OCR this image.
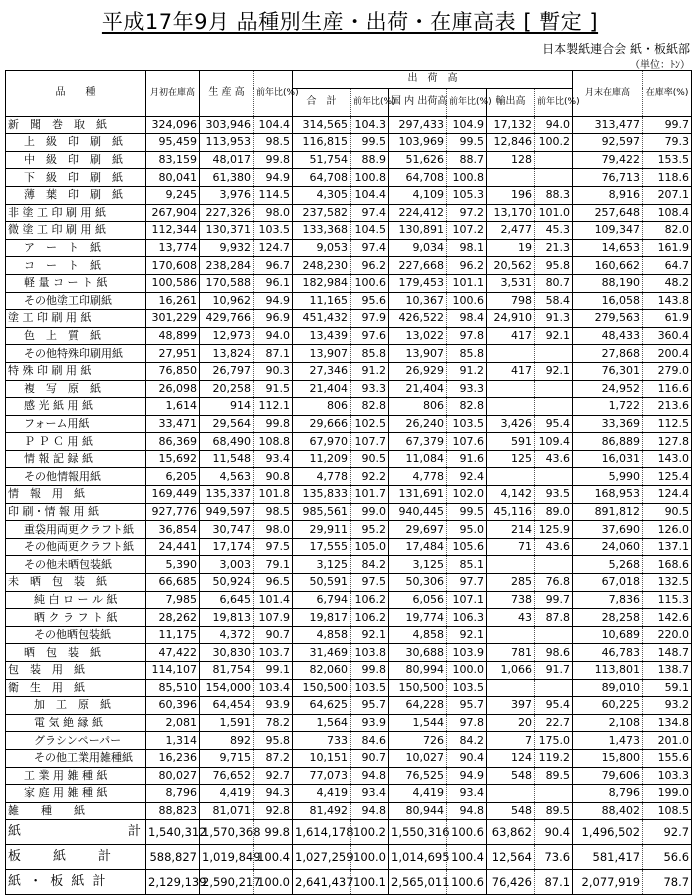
平成17年9月 品種別生産・出荷・在庫高表 [ 暫定 ]
日本製紙連合会 紙・板紙部
（単位：ﾄﾝ）
品　　種	月初在庫高	生 産 高	前年比(%)	出　荷　高						月末在庫高	在庫率(%)
				合　計	前年比(%)	国 内 出荷高	前年比(%)	輸出高	前年比(%)		
新　聞　巻　取　紙	324,096	303,946	104.4	314,565	104.3	297,433	104.9	17,132	94.0	313,477	99.7
上　級　印　刷　紙	95,459	113,953	98.5	116,815	99.5	103,969	99.5	12,846	100.2	92,597	79.3
中　級　印　刷　紙	83,159	48,017	99.8	51,754	88.9	51,626	88.7	128		79,422	153.5
下　級　印　刷　紙	80,041	61,380	94.9	64,708	100.8	64,708	100.8			76,713	118.6
薄　葉　印　刷　紙	9,245	3,976	114.5	4,305	104.4	4,109	105.3	196	88.3	8,916	207.1
非 塗 工 印 刷 用 紙	267,904	227,326	98.0	237,582	97.4	224,412	97.2	13,170	101.0	257,648	108.4
微 塗 工 印 刷 用 紙	112,344	130,371	103.5	133,368	104.5	130,891	107.2	2,477	45.3	109,347	82.0
ア　ー　ト　紙	13,774	9,932	124.7	9,053	97.4	9,034	98.1	19	21.3	14,653	161.9
コ　ー　ト　紙	170,608	238,284	96.7	248,230	96.2	227,668	96.2	20,562	95.8	160,662	64.7
軽 量 コ ー ト 紙	100,586	170,588	96.1	182,984	100.6	179,453	101.1	3,531	80.7	88,190	48.2
その他塗工印刷紙	16,261	10,962	94.9	11,165	95.6	10,367	100.6	798	58.4	16,058	143.8
塗 工 印 刷 用 紙	301,229	429,766	96.9	451,432	97.9	426,522	98.4	24,910	91.3	279,563	61.9
色　上　質　紙	48,899	12,973	94.0	13,439	97.6	13,022	97.8	417	92.1	48,433	360.4
その他特殊印刷用紙	27,951	13,824	87.1	13,907	85.8	13,907	85.8			27,868	200.4
特 殊 印 刷 用 紙	76,850	26,797	90.3	27,346	91.2	26,929	91.2	417	92.1	76,301	279.0
複　写　原　紙	26,098	20,258	91.5	21,404	93.3	21,404	93.3			24,952	116.6
感 光 紙 用 紙	1,614	914	112.1	806	82.8	806	82.8			1,722	213.6
フォーム用紙	33,471	29,564	99.8	29,666	102.5	26,240	103.5	3,426	95.4	33,369	112.5
Ｐ Ｐ Ｃ 用 紙	86,369	68,490	108.8	67,970	107.7	67,379	107.6	591	109.4	86,889	127.8
情 報 記 録 紙	15,692	11,548	93.4	11,209	90.5	11,084	91.6	125	43.6	16,031	143.0
その他情報用紙	6,205	4,563	90.8	4,778	92.2	4,778	92.4			5,990	125.4
情　報　用　紙	169,449	135,337	101.8	135,833	101.7	131,691	102.0	4,142	93.5	168,953	124.4
印 刷・情 報 用 紙	927,776	949,597	98.5	985,561	99.0	940,445	99.5	45,116	89.0	891,812	90.5
重袋用両更クラフト紙	36,854	30,747	98.0	29,911	95.2	29,697	95.0	214	125.9	37,690	126.0
その他両更クラフト紙	24,441	17,174	97.5	17,555	105.0	17,484	105.6	71	43.6	24,060	137.1
その他未晒包装紙	5,390	3,003	79.1	3,125	84.2	3,125	85.1			5,268	168.6
未　晒　包　装　紙	66,685	50,924	96.5	50,591	97.5	50,306	97.7	285	76.8	67,018	132.5
純 白 ロ ー ル 紙	7,985	6,645	101.4	6,794	106.2	6,056	107.1	738	99.7	7,836	115.3
晒 ク ラ フ ト 紙	28,262	19,813	107.9	19,817	106.2	19,774	106.3	43	87.8	28,258	142.6
その他晒包装紙	11,175	4,372	90.7	4,858	92.1	4,858	92.1			10,689	220.0
晒　包　装　紙	47,422	30,830	103.7	31,469	103.8	30,688	103.9	781	98.6	46,783	148.7
包　装　用　紙	114,107	81,754	99.1	82,060	99.8	80,994	100.0	1,066	91.7	113,801	138.7
衛　生　用　紙	85,510	154,000	103.4	150,500	103.5	150,500	103.5			89,010	59.1
加　工　原　紙	60,396	64,454	93.9	64,625	95.7	64,228	95.7	397	95.4	60,225	93.2
電 気 絶 縁 紙	2,081	1,591	78.2	1,564	93.9	1,544	97.8	20	22.7	2,108	134.8
グラシンペーパー	1,314	892	95.8	733	84.6	726	84.2	7	175.0	1,473	201.0
その他工業用雑種紙	16,236	9,715	87.2	10,151	90.7	10,027	90.4	124	119.2	15,800	155.6
工 業 用 雑 種 紙	80,027	76,652	92.7	77,073	94.8	76,525	94.9	548	89.5	79,606	103.3
家 庭 用 雑 種 紙	8,796	4,419	94.3	4,419	93.4	4,419	93.4			8,796	199.0
雑　　種　　紙	88,823	81,071	92.8	81,492	94.8	80,944	94.8	548	89.5	88,402	108.5
紙　　　　　　　計	1,540,312	1,570,368	99.8	1,614,178	100.2	1,550,316	100.6	63,862	90.4	1,496,502	92.7
板　　紙　　計	588,827	1,019,849	100.4	1,027,259	100.0	1,014,695	100.4	12,564	73.6	581,417	56.6
紙 ・ 板 紙 計	2,129,139	2,590,217	100.0	2,641,437	100.1	2,565,011	100.6	76,426	87.1	2,077,919	78.7
